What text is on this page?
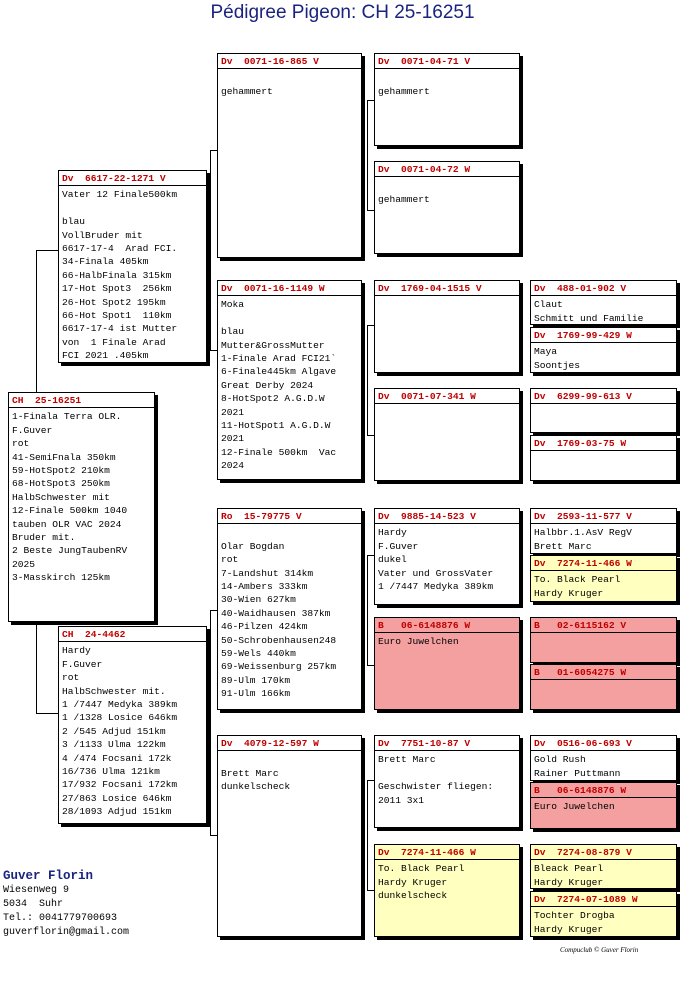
Pédigree Pigeon: CH 25-16251
CH  25-16251
1-Finala Terra OLR.
F.Guver
rot
41-SemiFnala 350km
59-HotSpot2 210km
68-HotSpot3 250km
HalbSchwester mit
12-Finale 500km 1040
tauben OLR VAC 2024
Bruder mit.
2 Beste JungTaubenRV
2025
3-Masskirch 125km
Dv  6617-22-1271 V
Vater 12 Finale500km

blau
VollBruder mit
6617-17-4  Arad FCI.
34-Finala 405km
66-HalbFinala 315km
17-Hot Spot3  256km
26-Hot Spot2 195km
66-Hot Spot1  110km
6617-17-4 ist Mutter
von  1 Finale Arad
FCI 2021 .405km
CH  24-4462
Hardy
F.Guver
rot
HalbSchwester mit.
1 /7447 Medyka 389km
1 /1328 Losice 646km
2 /545 Adjud 151km
3 /1133 Ulma 122km
4 /474 Focsani 172k
16/736 Ulma 121km
17/932 Focsani 172km
27/863 Losice 646km
28/1093 Adjud 151km
Dv  0071-16-865 V

gehammert
Dv  0071-16-1149 W
Moka

blau
Mutter&GrossMutter
1-Finale Arad FCI21`
6-Finale445km Algave
Great Derby 2024
8-HotSpot2 A.G.D.W
2021
11-HotSpot1 A.G.D.W
2021
12-Finale 500km  Vac
2024
Ro  15-79775 V

Olar Bogdan
rot
7-Landshut 314km
14-Ambers 333km
30-Wien 627km
40-Waidhausen 387km
46-Pilzen 424km
50-Schrobenhausen248
59-Wels 440km
69-Weissenburg 257km
89-Ulm 170km
91-Ulm 166km
Dv  4079-12-597 W

Brett Marc
dunkelscheck
Dv  0071-04-71 V

gehammert
Dv  0071-04-72 W

gehammert
Dv  1769-04-1515 V
Dv  0071-07-341 W
Dv  9885-14-523 V
Hardy
F.Guver
dukel
Vater und GrossVater
1 /7447 Medyka 389km
B   06-6148876 W
Euro Juwelchen
Dv  7751-10-87 V
Brett Marc

Geschwister fliegen:
2011 3x1
Dv  7274-11-466 W
To. Black Pearl
Hardy Kruger
dunkelscheck
Dv  488-01-902 V
Claut
Schmitt und Familie
Dv  1769-99-429 W
Maya
Soontjes
Dv  6299-99-613 V
Dv  1769-03-75 W
Dv  2593-11-577 V
Halbbr.1.AsV RegV
Brett Marc
Dv  7274-11-466 W
To. Black Pearl
Hardy Kruger
B   02-6115162 V
B   01-6054275 W
Dv  0516-06-693 V
Gold Rush
Rainer Puttmann
B   06-6148876 W
Euro Juwelchen
Dv  7274-08-879 V
Bleack Pearl
Hardy Kruger
Dv  7274-07-1089 W
Tochter Drogba
Hardy Kruger
Guver Florin
Wiesenweg 9
5034  Suhr
Tel.: 0041779700693
guverflorin@gmail.com
Compuclub © Guver Florin
